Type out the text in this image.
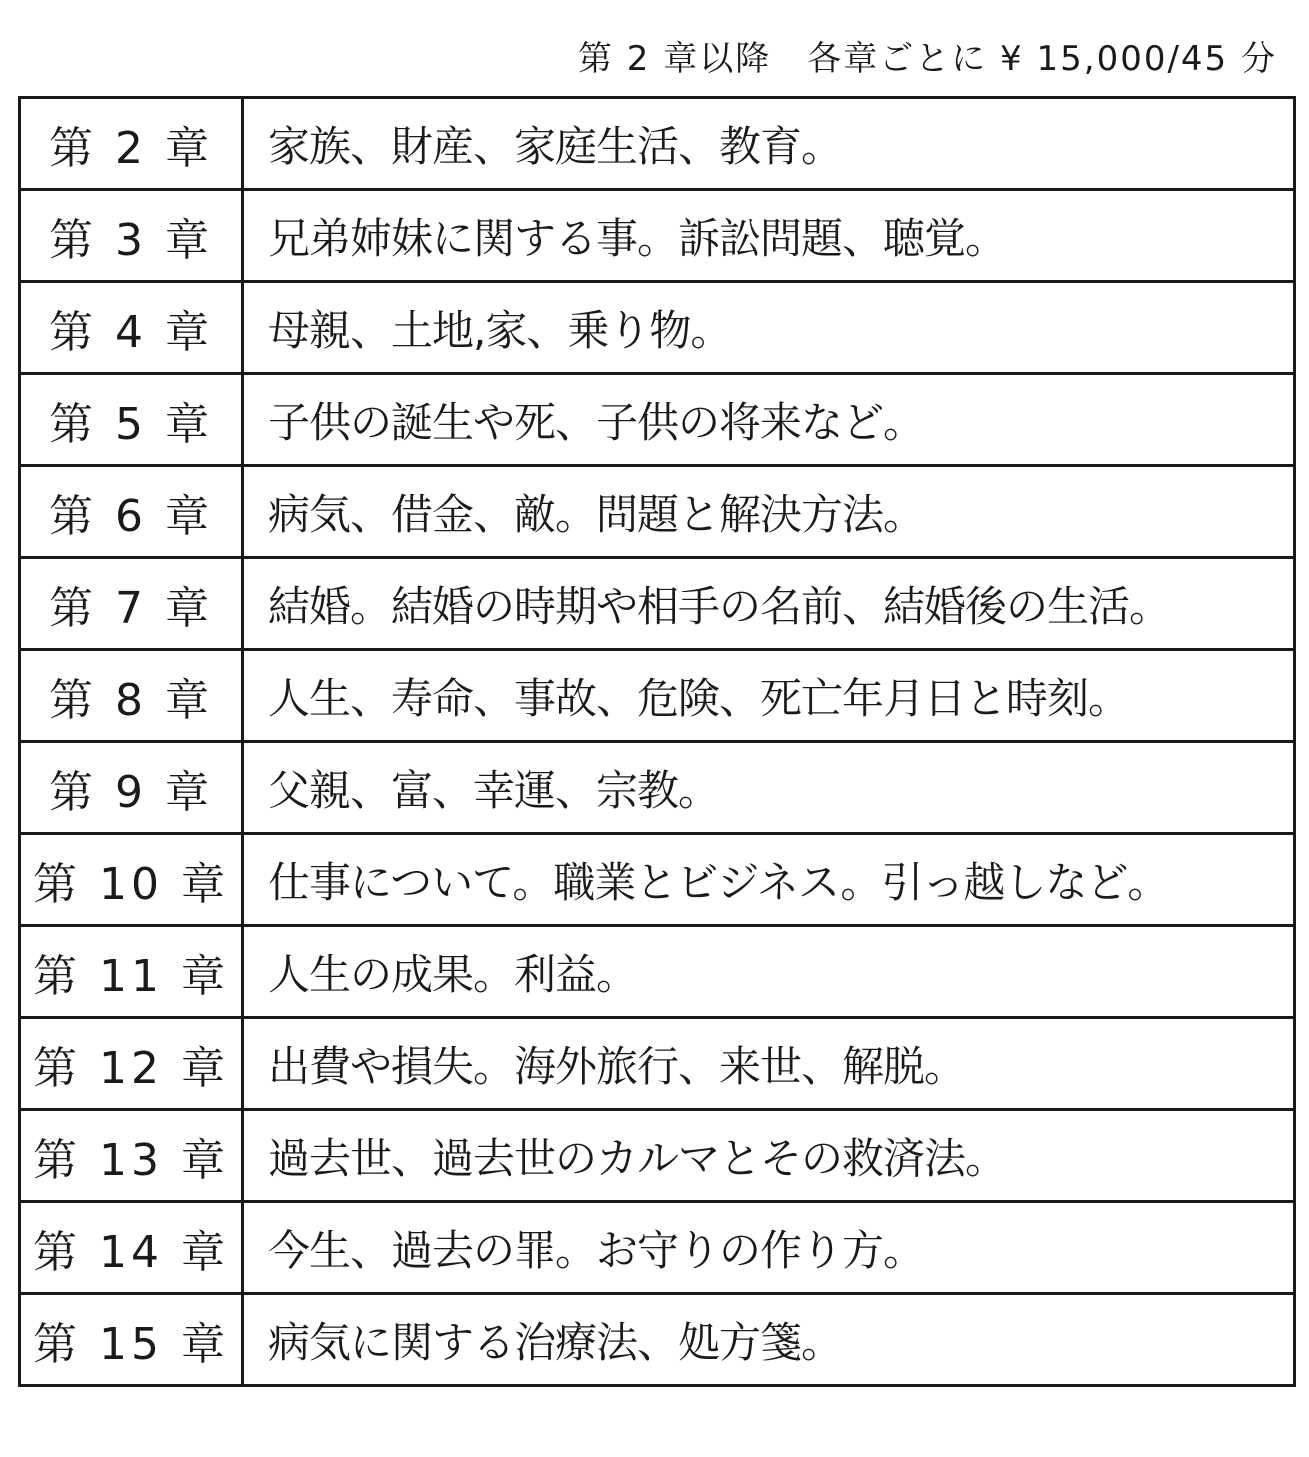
第 2 章以降　各章ごとに ¥ 15,000/45 分
第 2 章	家族、財産、家庭生活、教育。
第 3 章	兄弟姉妹に関する事。訴訟問題、聴覚。
第 4 章	母親、土地,家、乗り物。
第 5 章	子供の誕生や死、子供の将来など。
第 6 章	病気、借金、敵。問題と解決方法。
第 7 章	結婚。結婚の時期や相手の名前、結婚後の生活。
第 8 章	人生、寿命、事故、危険、死亡年月日と時刻。
第 9 章	父親、富、幸運、宗教。
第 10 章	仕事について。職業とビジネス。引っ越しなど。
第 11 章	人生の成果。利益。
第 12 章	出費や損失。海外旅行、来世、解脱。
第 13 章	過去世、過去世のカルマとその救済法。
第 14 章	今生、過去の罪。お守りの作り方。
第 15 章	病気に関する治療法、処方箋。
